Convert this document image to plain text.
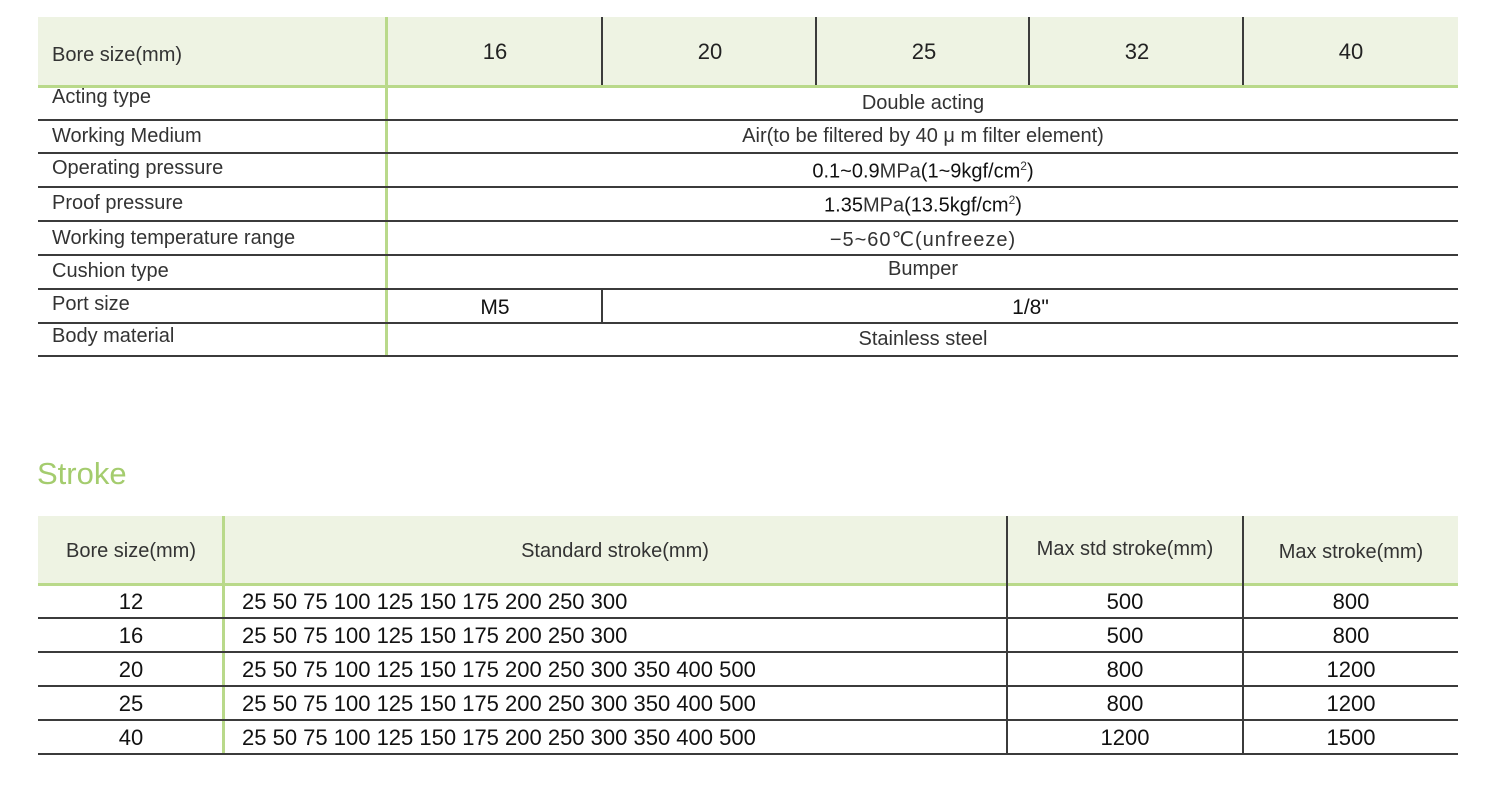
Bore size(mm)	16	20	25	32	40
Acting type	Double acting
Working Medium	Air(to be filtered by 40 μ m filter element)
Operating pressure	$0.1\sim 0.9MPa(1\sim 9kgf/cm^2)$
Proof pressure	$1.35MPa(13.5kgf/cm^2)$
Working temperature range	−5~60℃(unfreeze)
Cushion type	Bumper
Port size	M5	1/8"
Body material	Stainless steel
Stroke
Bore size(mm)	Standard stroke(mm)	Max std stroke(mm)	Max stroke(mm)
12	25 50 75 100 125 150 175 200 250 300	500	800
16	25 50 75 100 125 150 175 200 250 300	500	800
20	25 50 75 100 125 150 175 200 250 300 350 400 500	800	1200
25	25 50 75 100 125 150 175 200 250 300 350 400 500	800	1200
40	25 50 75 100 125 150 175 200 250 300 350 400 500	1200	1500
